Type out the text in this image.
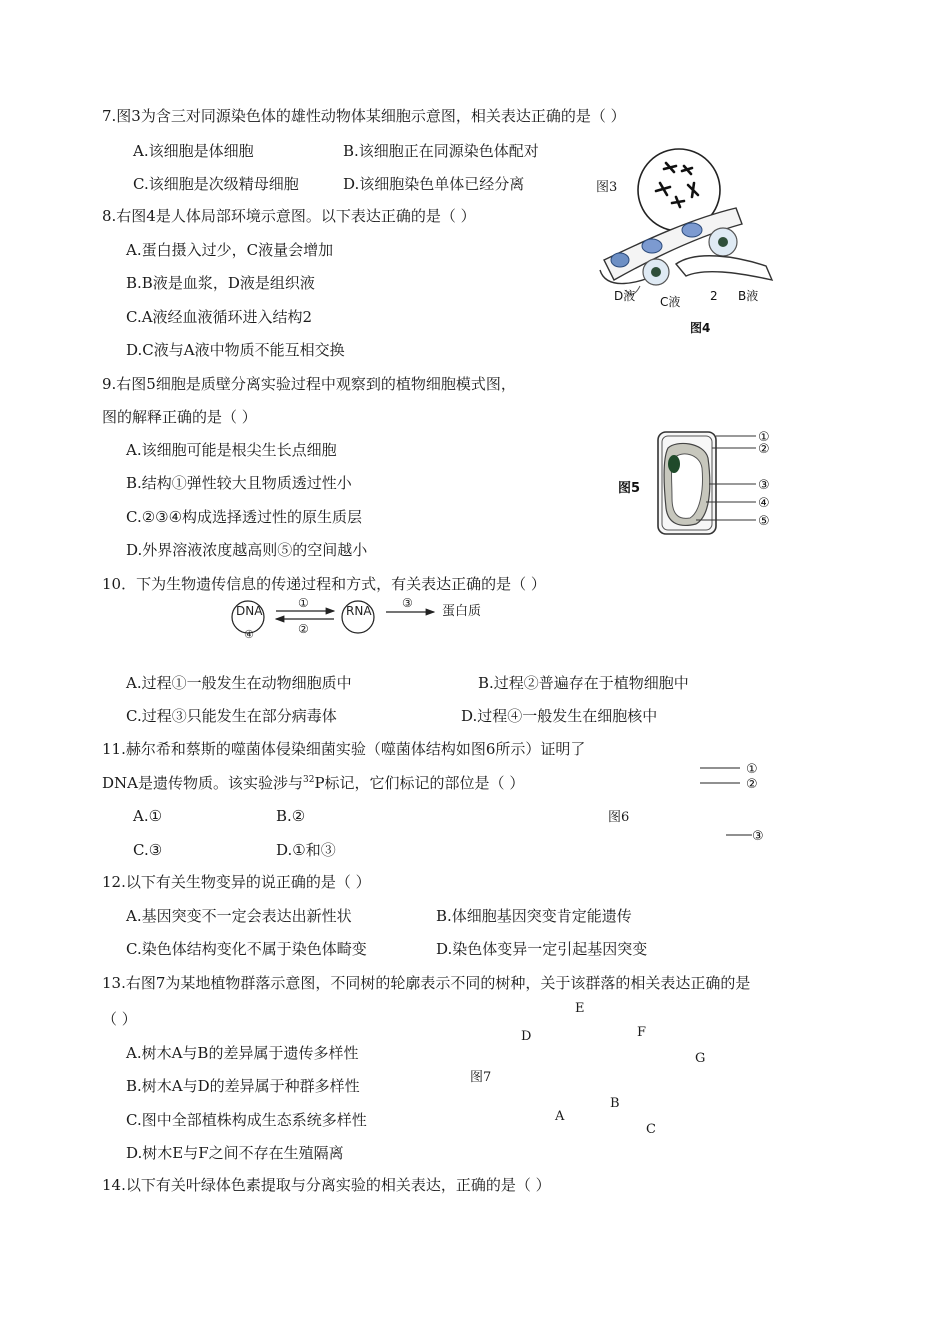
7.图3为含三对同源染色体的雄性动物体某细胞示意图，相关表达正确的是（ ）
A.该细胞是体细胞	B.该细胞正在同源染色体配对
C.该细胞是次级精母细胞	D.该细胞染色单体已经分离	图3
8.右图4是人体局部环境示意图。以下表达正确的是（ ）
A.蛋白摄入过少，C液量会增加
B.B液是血浆，D液是组织液
C.A液经血液循环进入结构2
D.C液与A液中物质不能互相交换
D液 C液 2 B液
图4
9.右图5细胞是质壁分离实验过程中观察到的植物细胞模式图，
图的解释正确的是（ ）
A.该细胞可能是根尖生长点细胞
B.结构①弹性较大且物质透过性小
C.②③④构成选择透过性的原生质层
D.外界溶液浓度越高则⑤的空间越小
图5
①
②
③
④
⑤
10．下为生物遗传信息的传递过程和方式，有关表达正确的是（ ）
DNA
④
①
②
RNA
③
蛋白质
A.过程①一般发生在动物细胞质中	B.过程②普遍存在于植物细胞中
C.过程③只能发生在部分病毒体	D.过程④一般发生在细胞核中
11.赫尔希和蔡斯的噬菌体侵染细菌实验（噬菌体结构如图6所示）证明了
DNA是遗传物质。该实验涉与$^{32}$P标记，它们标记的部位是（ ）
A.①	B.②
C.③	D.①和③
图6
①
②
③
12.以下有关生物变异的说正确的是（ ）
A.基因突变不一定会表达出新性状	B.体细胞基因突变肯定能遗传
C.染色体结构变化不属于染色体畸变	D.染色体变异一定引起基因突变
13.右图7为某地植物群落示意图，不同树的轮廓表示不同的树种，关于该群落的相关表达正确的是
（ ）
A.树木A与B的差异属于遗传多样性
B.树木A与D的差异属于种群多样性
C.图中全部植株构成生态系统多样性
D.树木E与F之间不存在生殖隔离
E
D	F
G
图7
B
A
C
14.以下有关叶绿体色素提取与分离实验的相关表达，正确的是（ ）
